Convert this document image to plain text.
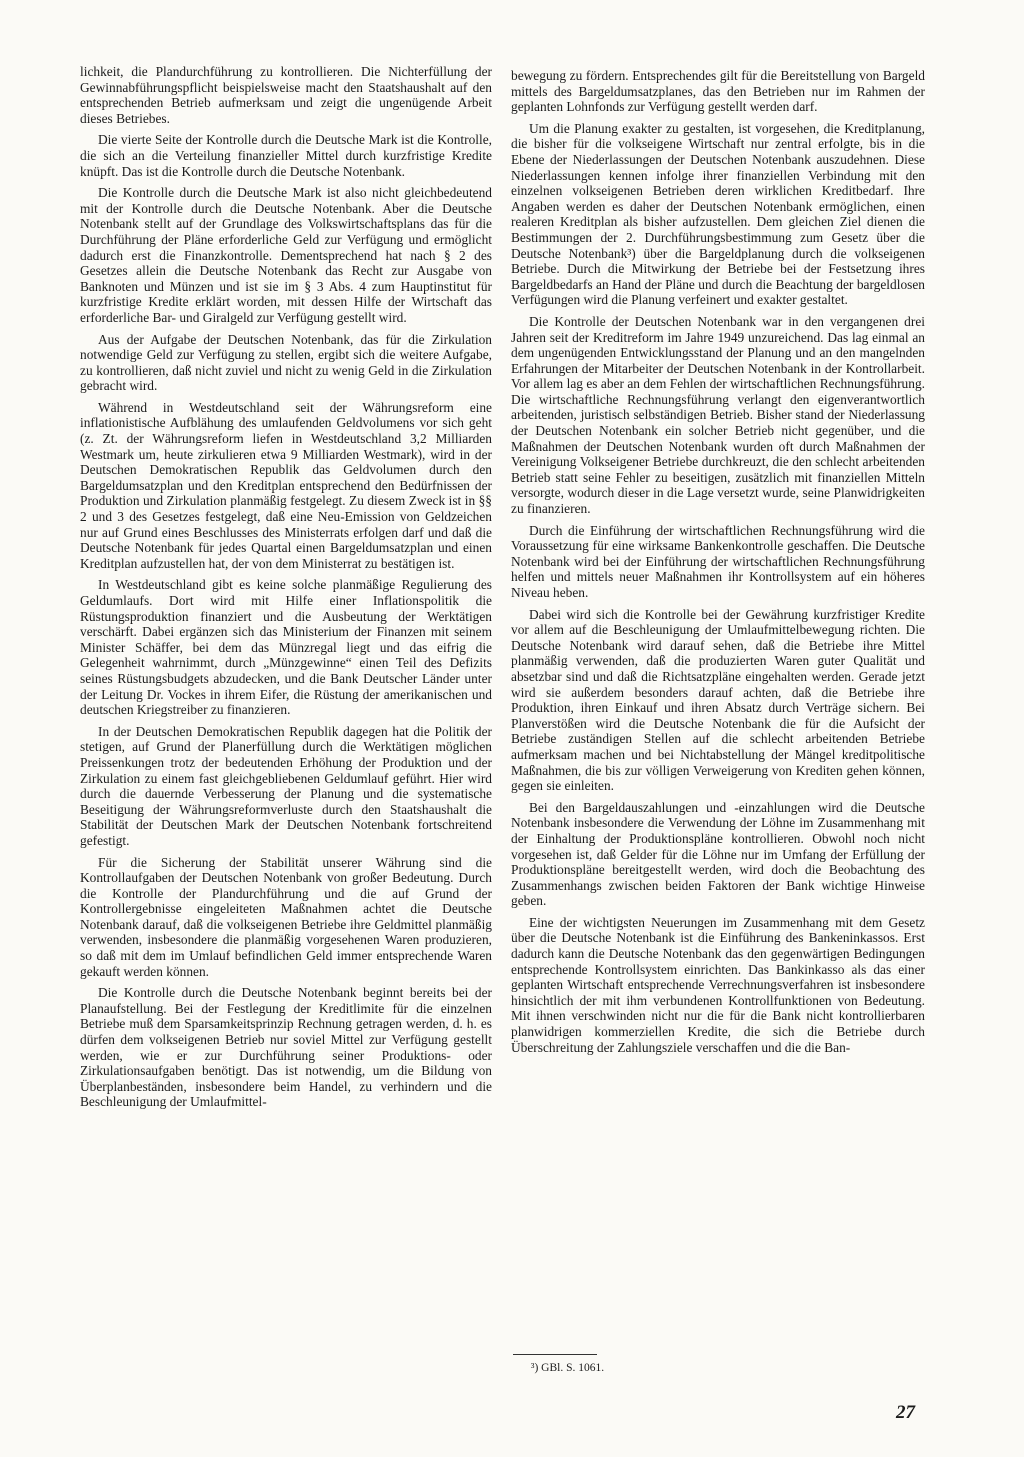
lichkeit, die Plandurchführung zu kontrollieren. Die Nichterfüllung der Gewinnabführungspflicht beispielsweise macht den Staatshaushalt auf den entsprechenden Betrieb aufmerksam und zeigt die ungenügende Arbeit dieses Betriebes.

Die vierte Seite der Kontrolle durch die Deutsche Mark ist die Kontrolle, die sich an die Verteilung finanzieller Mittel durch kurzfristige Kredite knüpft. Das ist die Kontrolle durch die Deutsche Notenbank.

Die Kontrolle durch die Deutsche Mark ist also nicht gleichbedeutend mit der Kontrolle durch die Deutsche Notenbank. Aber die Deutsche Notenbank stellt auf der Grundlage des Volkswirtschaftsplans das für die Durchführung der Pläne erforderliche Geld zur Verfügung und ermöglicht dadurch erst die Finanzkontrolle. Dementsprechend hat nach § 2 des Gesetzes allein die Deutsche Notenbank das Recht zur Ausgabe von Banknoten und Münzen und ist sie im § 3 Abs. 4 zum Hauptinstitut für kurzfristige Kredite erklärt worden, mit dessen Hilfe der Wirtschaft das erforderliche Bar- und Giralgeld zur Verfügung gestellt wird.

Aus der Aufgabe der Deutschen Notenbank, das für die Zirkulation notwendige Geld zur Verfügung zu stellen, ergibt sich die weitere Aufgabe, zu kontrollieren, daß nicht zuviel und nicht zu wenig Geld in die Zirkulation gebracht wird.

Während in Westdeutschland seit der Währungsreform eine inflationistische Aufblähung des umlaufenden Geldvolumens vor sich geht (z. Zt. der Währungsreform liefen in Westdeutschland 3,2 Milliarden Westmark um, heute zirkulieren etwa 9 Milliarden Westmark), wird in der Deutschen Demokratischen Republik das Geldvolumen durch den Bargeldumsatzplan und den Kreditplan entsprechend den Bedürfnissen der Produktion und Zirkulation planmäßig festgelegt. Zu diesem Zweck ist in §§ 2 und 3 des Gesetzes festgelegt, daß eine Neu-Emission von Geldzeichen nur auf Grund eines Beschlusses des Ministerrats erfolgen darf und daß die Deutsche Notenbank für jedes Quartal einen Bargeldumsatzplan und einen Kreditplan aufzustellen hat, der von dem Ministerrat zu bestätigen ist.

In Westdeutschland gibt es keine solche planmäßige Regulierung des Geldumlaufs. Dort wird mit Hilfe einer Inflationspolitik die Rüstungsproduktion finanziert und die Ausbeutung der Werktätigen verschärft. Dabei ergänzen sich das Ministerium der Finanzen mit seinem Minister Schäffer, bei dem das Münzregal liegt und das eifrig die Gelegenheit wahrnimmt, durch „Münzgewinne“ einen Teil des Defizits seines Rüstungsbudgets abzudecken, und die Bank Deutscher Länder unter der Leitung Dr. Vockes in ihrem Eifer, die Rüstung der amerikanischen und deutschen Kriegstreiber zu finanzieren.

In der Deutschen Demokratischen Republik dagegen hat die Politik der stetigen, auf Grund der Planerfüllung durch die Werktätigen möglichen Preissenkungen trotz der bedeutenden Erhöhung der Produktion und der Zirkulation zu einem fast gleichgebliebenen Geldumlauf geführt. Hier wird durch die dauernde Verbesserung der Planung und die systematische Beseitigung der Währungsreformverluste durch den Staatshaushalt die Stabilität der Deutschen Mark der Deutschen Notenbank fortschreitend gefestigt.

Für die Sicherung der Stabilität unserer Währung sind die Kontrollaufgaben der Deutschen Notenbank von großer Bedeutung. Durch die Kontrolle der Plandurchführung und die auf Grund der Kontrollergebnisse eingeleiteten Maßnahmen achtet die Deutsche Notenbank darauf, daß die volkseigenen Betriebe ihre Geldmittel planmäßig verwenden, insbesondere die planmäßig vorgesehenen Waren produzieren, so daß mit dem im Umlauf befindlichen Geld immer entsprechende Waren gekauft werden können.

Die Kontrolle durch die Deutsche Notenbank beginnt bereits bei der Planaufstellung. Bei der Festlegung der Kreditlimite für die einzelnen Betriebe muß dem Sparsamkeitsprinzip Rechnung getragen werden, d. h. es dürfen dem volkseigenen Betrieb nur soviel Mittel zur Verfügung gestellt werden, wie er zur Durchführung seiner Produktions- oder Zirkulationsaufgaben benötigt. Das ist notwendig, um die Bildung von Überplanbeständen, insbesondere beim Handel, zu verhindern und die Beschleunigung der Umlaufmittel-

bewegung zu fördern. Entsprechendes gilt für die Bereitstellung von Bargeld mittels des Bargeldumsatzplanes, das den Betrieben nur im Rahmen der geplanten Lohnfonds zur Verfügung gestellt werden darf.

Um die Planung exakter zu gestalten, ist vorgesehen, die Kreditplanung, die bisher für die volkseigene Wirtschaft nur zentral erfolgte, bis in die Ebene der Niederlassungen der Deutschen Notenbank auszudehnen. Diese Niederlassungen kennen infolge ihrer finanziellen Verbindung mit den einzelnen volkseigenen Betrieben deren wirklichen Kreditbedarf. Ihre Angaben werden es daher der Deutschen Notenbank ermöglichen, einen realeren Kreditplan als bisher aufzustellen. Dem gleichen Ziel dienen die Bestimmungen der 2. Durchführungsbestimmung zum Gesetz über die Deutsche Notenbank³) über die Bargeldplanung durch die volkseigenen Betriebe. Durch die Mitwirkung der Betriebe bei der Festsetzung ihres Bargeldbedarfs an Hand der Pläne und durch die Beachtung der bargeldlosen Verfügungen wird die Planung verfeinert und exakter gestaltet.

Die Kontrolle der Deutschen Notenbank war in den vergangenen drei Jahren seit der Kreditreform im Jahre 1949 unzureichend. Das lag einmal an dem ungenügenden Entwicklungsstand der Planung und an den mangelnden Erfahrungen der Mitarbeiter der Deutschen Notenbank in der Kontrollarbeit. Vor allem lag es aber an dem Fehlen der wirtschaftlichen Rechnungsführung. Die wirtschaftliche Rechnungsführung verlangt den eigenverantwortlich arbeitenden, juristisch selbständigen Betrieb. Bisher stand der Niederlassung der Deutschen Notenbank ein solcher Betrieb nicht gegenüber, und die Maßnahmen der Deutschen Notenbank wurden oft durch Maßnahmen der Vereinigung Volkseigener Betriebe durchkreuzt, die den schlecht arbeitenden Betrieb statt seine Fehler zu beseitigen, zusätzlich mit finanziellen Mitteln versorgte, wodurch dieser in die Lage versetzt wurde, seine Planwidrigkeiten zu finanzieren.

Durch die Einführung der wirtschaftlichen Rechnungsführung wird die Voraussetzung für eine wirksame Bankenkontrolle geschaffen. Die Deutsche Notenbank wird bei der Einführung der wirtschaftlichen Rechnungsführung helfen und mittels neuer Maßnahmen ihr Kontrollsystem auf ein höheres Niveau heben.

Dabei wird sich die Kontrolle bei der Gewährung kurzfristiger Kredite vor allem auf die Beschleunigung der Umlaufmittelbewegung richten. Die Deutsche Notenbank wird darauf sehen, daß die Betriebe ihre Mittel planmäßig verwenden, daß die produzierten Waren guter Qualität und absetzbar sind und daß die Richtsatzpläne eingehalten werden. Gerade jetzt wird sie außerdem besonders darauf achten, daß die Betriebe ihre Produktion, ihren Einkauf und ihren Absatz durch Verträge sichern. Bei Planverstößen wird die Deutsche Notenbank die für die Aufsicht der Betriebe zuständigen Stellen auf die schlecht arbeitenden Betriebe aufmerksam machen und bei Nichtabstellung der Mängel kreditpolitische Maßnahmen, die bis zur völligen Verweigerung von Krediten gehen können, gegen sie einleiten.

Bei den Bargeldauszahlungen und -einzahlungen wird die Deutsche Notenbank insbesondere die Verwendung der Löhne im Zusammenhang mit der Einhaltung der Produktionspläne kontrollieren. Obwohl noch nicht vorgesehen ist, daß Gelder für die Löhne nur im Umfang der Erfüllung der Produktionspläne bereitgestellt werden, wird doch die Beobachtung des Zusammenhangs zwischen beiden Faktoren der Bank wichtige Hinweise geben.

Eine der wichtigsten Neuerungen im Zusammenhang mit dem Gesetz über die Deutsche Notenbank ist die Einführung des Bankeninkassos. Erst dadurch kann die Deutsche Notenbank das den gegenwärtigen Bedingungen entsprechende Kontrollsystem einrichten. Das Bankinkasso als das einer geplanten Wirtschaft entsprechende Verrechnungsverfahren ist insbesondere hinsichtlich der mit ihm verbundenen Kontrollfunktionen von Bedeutung. Mit ihnen verschwinden nicht nur die für die Bank nicht kontrollierbaren planwidrigen kommerziellen Kredite, die sich die Betriebe durch Überschreitung der Zahlungsziele verschaffen und die die Ban-

³) GBl. S. 1061.
27
